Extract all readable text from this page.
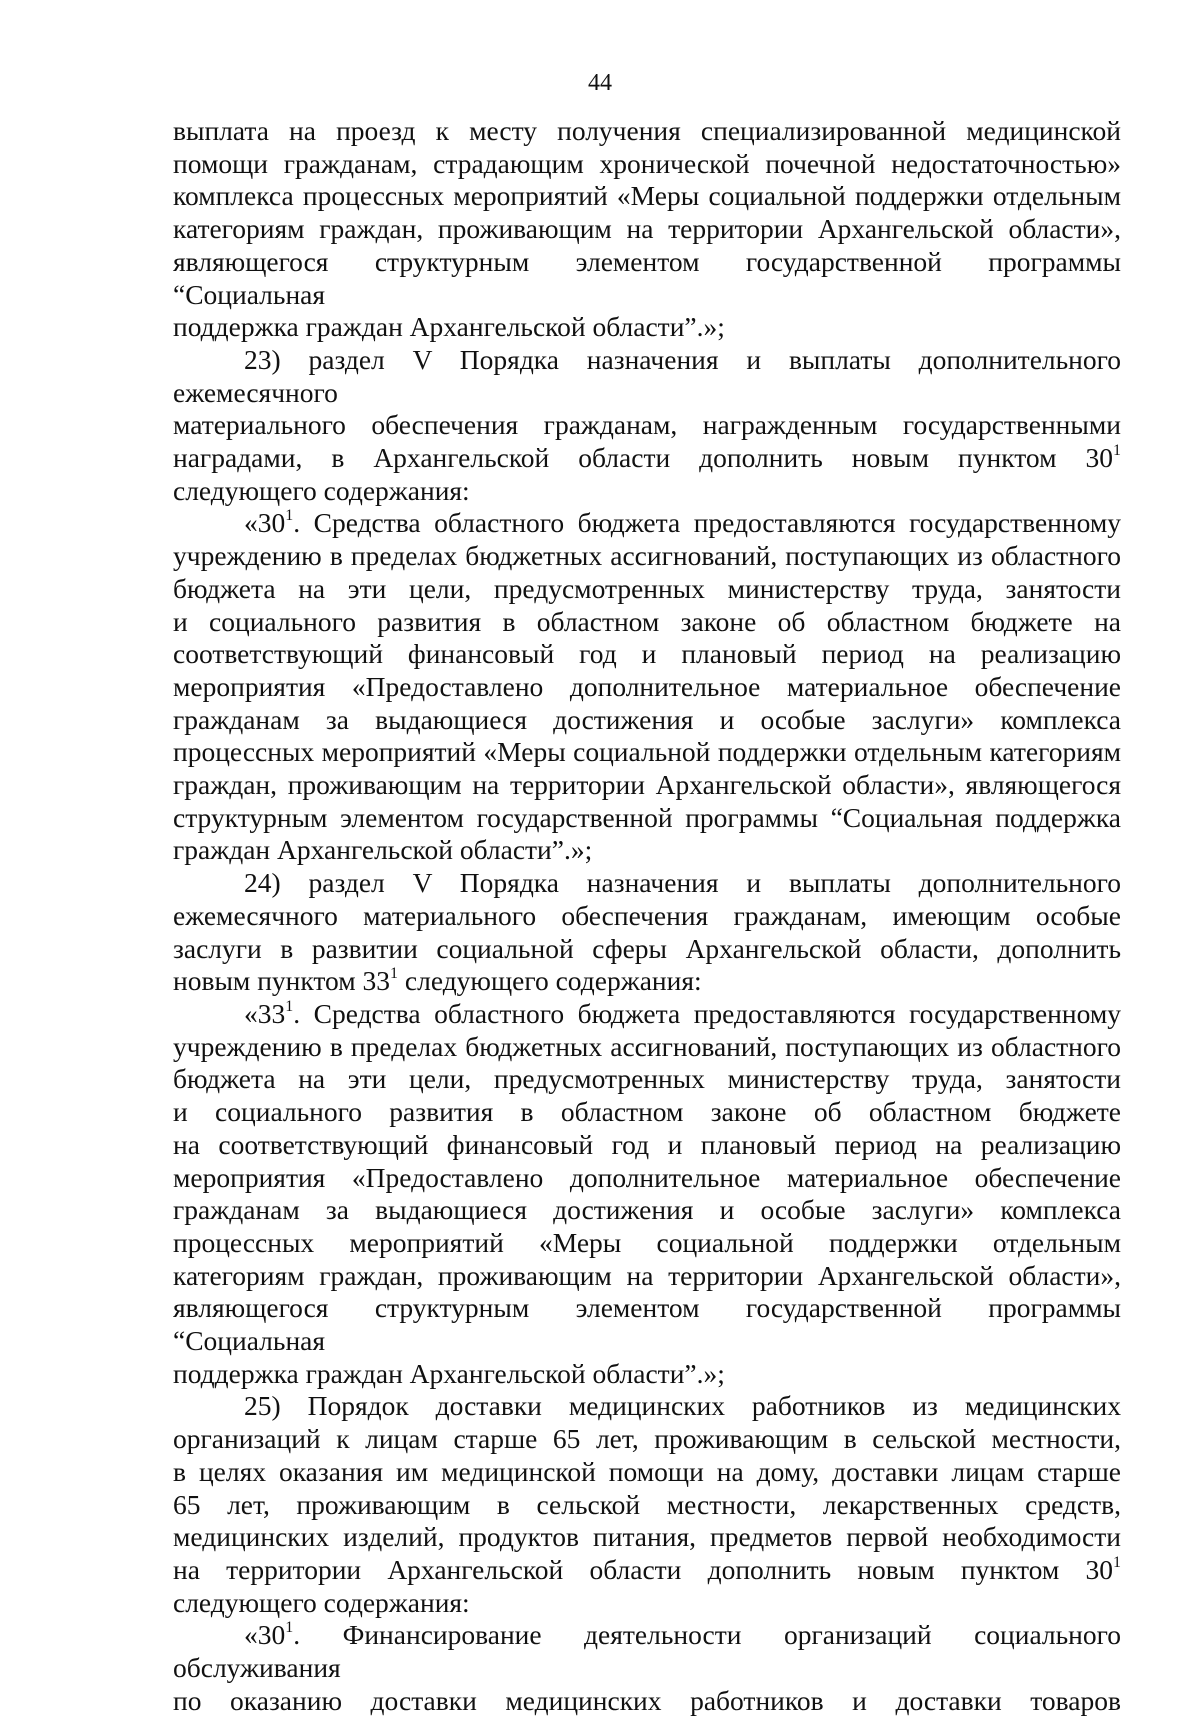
44

выплата на проезд к месту получения специализированной медицинской

помощи гражданам, страдающим хронической почечной недостаточностью»

комплекса процессных мероприятий «Меры социальной поддержки отдельным

категориям граждан, проживающим на территории Архангельской области»,

являющегося структурным элементом государственной программы “Социальная

поддержка граждан Архангельской области”.»;

23) раздел V Порядка назначения и выплаты дополнительного ежемесячного

материального обеспечения гражданам, награжденным государственными

наградами, в Архангельской области дополнить новым пунктом $30^1$

следующего содержания:

«$30^1$. Средства областного бюджета предоставляются государственному

учреждению в пределах бюджетных ассигнований, поступающих из областного

бюджета на эти цели, предусмотренных министерству труда, занятости

и социального развития в областном законе об областном бюджете на

соответствующий финансовый год и плановый период на реализацию

мероприятия «Предоставлено дополнительное материальное обеспечение

гражданам за выдающиеся достижения и особые заслуги» комплекса

процессных мероприятий «Меры социальной поддержки отдельным категориям

граждан, проживающим на территории Архангельской области», являющегося

структурным элементом государственной программы “Социальная поддержка

граждан Архангельской области”.»;

24) раздел V Порядка назначения и выплаты дополнительного

ежемесячного материального обеспечения гражданам, имеющим особые

заслуги в развитии социальной сферы Архангельской области, дополнить

новым пунктом $33^1$ следующего содержания:

«$33^1$. Средства областного бюджета предоставляются государственному

учреждению в пределах бюджетных ассигнований, поступающих из областного

бюджета на эти цели, предусмотренных министерству труда, занятости

и социального развития в областном законе об областном бюджете

на соответствующий финансовый год и плановый период на реализацию

мероприятия «Предоставлено дополнительное материальное обеспечение

гражданам за выдающиеся достижения и особые заслуги» комплекса

процессных мероприятий «Меры социальной поддержки отдельным

категориям граждан, проживающим на территории Архангельской области»,

являющегося структурным элементом государственной программы “Социальная

поддержка граждан Архангельской области”.»;

25) Порядок доставки медицинских работников из медицинских

организаций к лицам старше 65 лет, проживающим в сельской местности,

в целях оказания им медицинской помощи на дому, доставки лицам старше

65 лет, проживающим в сельской местности, лекарственных средств,

медицинских изделий, продуктов питания, предметов первой необходимости

на территории Архангельской области дополнить новым пунктом $30^1$

следующего содержания:

«$30^1$. Финансирование деятельности организаций социального обслуживания

по оказанию доставки медицинских работников и доставки товаров
